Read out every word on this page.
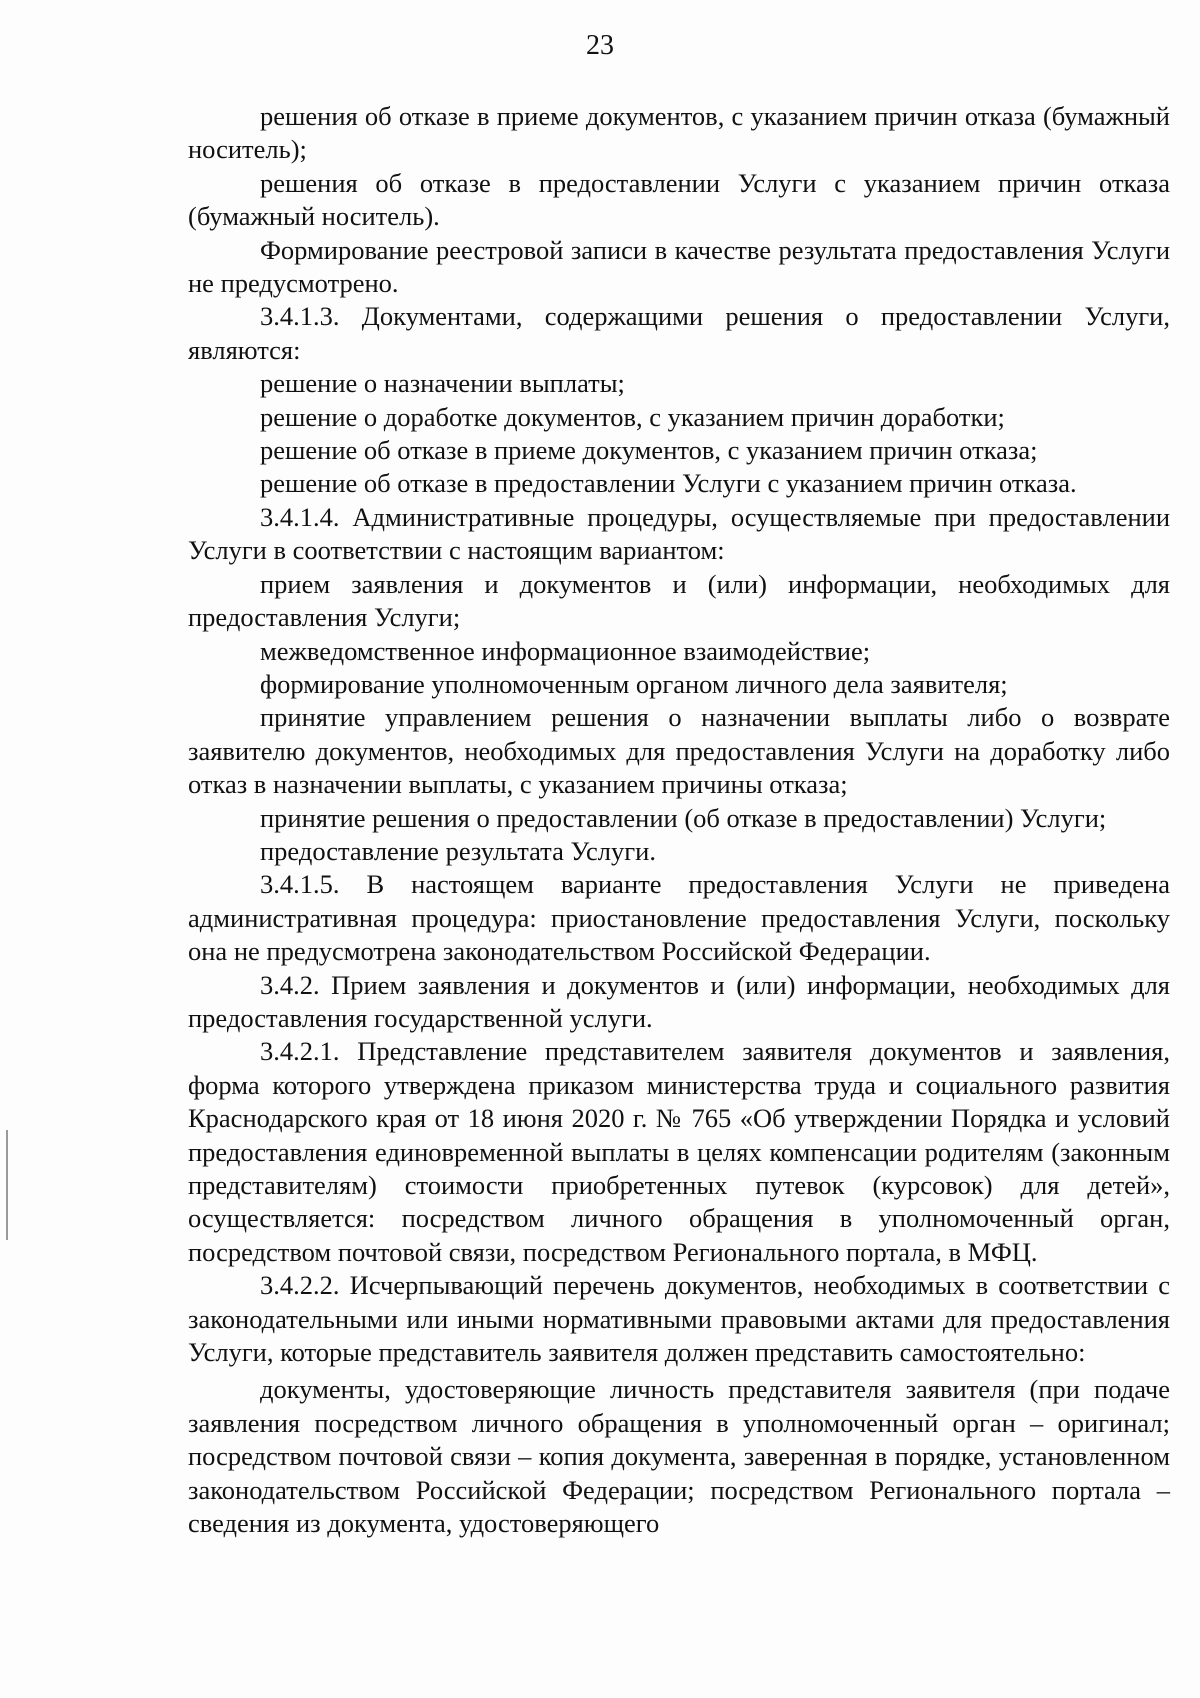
23

решения об отказе в приеме документов, с указанием причин отказа (бумажный носитель);

решения об отказе в предоставлении Услуги с указанием причин отказа (бумажный носитель).

Формирование реестровой записи в качестве результата предоставления Услуги не предусмотрено.

3.4.1.3. Документами, содержащими решения о предоставлении Услуги, являются:

решение о назначении выплаты;

решение о доработке документов, с указанием причин доработки;

решение об отказе в приеме документов, с указанием причин отказа;

решение об отказе в предоставлении Услуги с указанием причин отказа.

3.4.1.4. Административные процедуры, осуществляемые при предоставлении Услуги в соответствии с настоящим вариантом:

прием заявления и документов и (или) информации, необходимых для предоставления Услуги;

межведомственное информационное взаимодействие;

формирование уполномоченным органом личного дела заявителя;

принятие управлением решения о назначении выплаты либо о возврате заявителю документов, необходимых для предоставления Услуги на доработку либо отказ в назначении выплаты, с указанием причины отказа;

принятие решения о предоставлении (об отказе в предоставлении) Услуги;

предоставление результата Услуги.

3.4.1.5. В настоящем варианте предоставления Услуги не приведена административная процедура: приостановление предоставления Услуги, поскольку она не предусмотрена законодательством Российской Федерации.

3.4.2. Прием заявления и документов и (или) информации, необходимых для предоставления государственной услуги.

3.4.2.1. Представление представителем заявителя документов и заявления, форма которого утверждена приказом министерства труда и социального развития Краснодарского края от 18 июня 2020 г. № 765 «Об утверждении Порядка и условий предоставления единовременной выплаты в целях компенсации родителям (законным представителям) стоимости приобретенных путевок (курсовок) для детей», осуществляется: посредством личного обращения в уполномоченный орган, посредством почтовой связи, посредством Регионального портала, в МФЦ.

3.4.2.2. Исчерпывающий перечень документов, необходимых в соответствии с законодательными или иными нормативными правовыми актами для предоставления Услуги, которые представитель заявителя должен представить самостоятельно:

документы, удостоверяющие личность представителя заявителя (при подаче заявления посредством личного обращения в уполномоченный орган – оригинал; посредством почтовой связи – копия документа, заверенная в порядке, установленном законодательством Российской Федерации; посредством Регионального портала – сведения из документа, удостоверяющего
